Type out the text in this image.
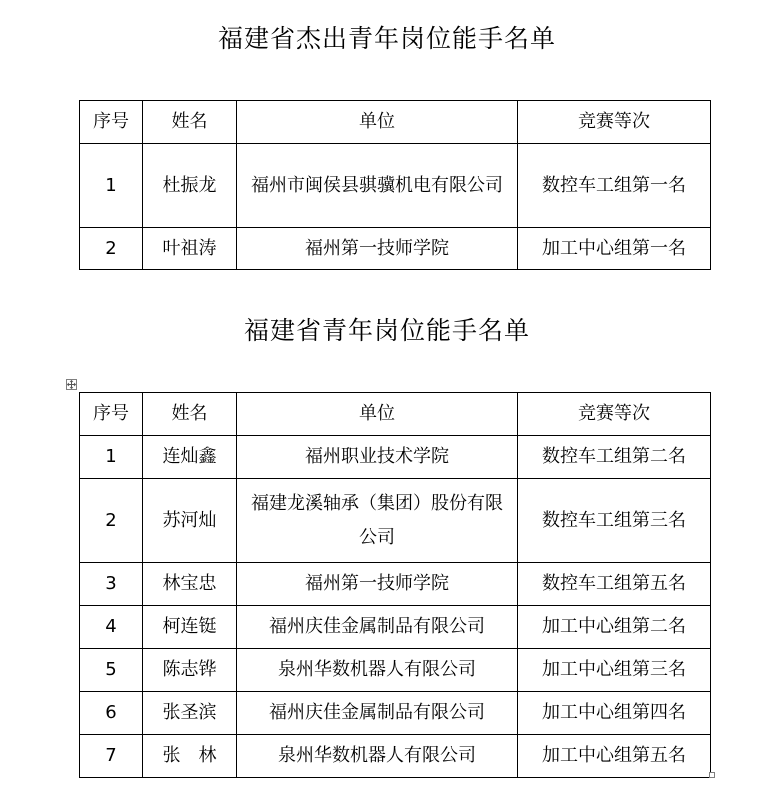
福建省杰出青年岗位能手名单
序号	姓名	单位	竞赛等次
1	杜振龙	福州市闽侯县骐骥机电有限公司	数控车工组第一名
2	叶祖涛	福州第一技师学院	加工中心组第一名
福建省青年岗位能手名单
序号	姓名	单位	竞赛等次
1	连灿鑫	福州职业技术学院	数控车工组第二名
2	苏河灿	福建龙溪轴承（集团）股份有限公司	数控车工组第三名
3	林宝忠	福州第一技师学院	数控车工组第五名
4	柯连铤	福州庆佳金属制品有限公司	加工中心组第二名
5	陈志铧	泉州华数机器人有限公司	加工中心组第三名
6	张圣滨	福州庆佳金属制品有限公司	加工中心组第四名
7	张　林	泉州华数机器人有限公司	加工中心组第五名
